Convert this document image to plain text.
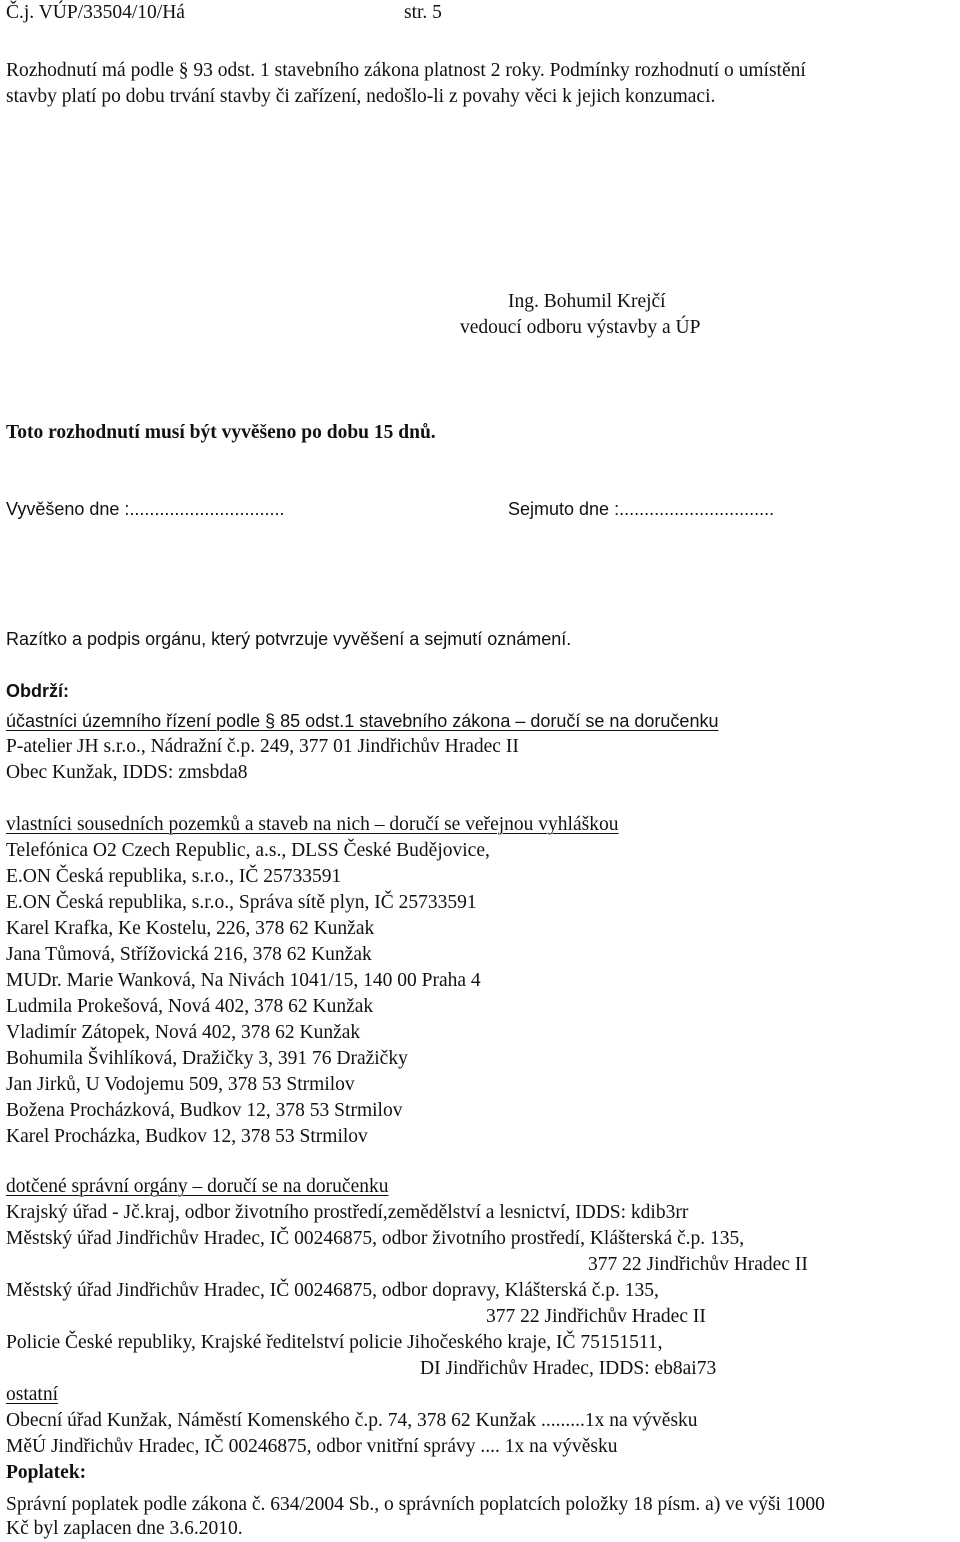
Č.j. VÚP/33504/10/Há	str. 5
Rozhodnutí má podle § 93 odst. 1 stavebního zákona platnost 2 roky. Podmínky rozhodnutí o umístění
stavby platí po dobu trvání stavby či zařízení, nedošlo-li z povahy věci k jejich konzumaci.
Ing. Bohumil Krejčí
vedoucí odboru výstavby a ÚP
Toto rozhodnutí musí být vyvěšeno po dobu 15 dnů.
Vyvěšeno dne :...............................	Sejmuto dne :...............................
Razítko a podpis orgánu, který potvrzuje vyvěšení a sejmutí oznámení.
Obdrží:
účastníci územního řízení podle § 85 odst.1 stavebního zákona – doručí se na doručenku
P-atelier JH s.r.o., Nádražní č.p. 249, 377 01 Jindřichův Hradec II
Obec Kunžak, IDDS: zmsbda8
vlastníci sousedních pozemků a staveb na nich – doručí se veřejnou vyhláškou
Telefónica O2 Czech Republic, a.s., DLSS České Budějovice,
E.ON Česká republika, s.r.o., IČ 25733591
E.ON Česká republika, s.r.o., Správa sítě plyn, IČ 25733591
Karel Krafka, Ke Kostelu, 226, 378 62 Kunžak
Jana Tůmová, Střížovická 216, 378 62 Kunžak
MUDr. Marie Wanková, Na Nivách 1041/15, 140 00 Praha 4
Ludmila Prokešová, Nová 402, 378 62 Kunžak
Vladimír Zátopek, Nová 402, 378 62 Kunžak
Bohumila Švihlíková, Dražičky 3, 391 76 Dražičky
Jan Jirků, U Vodojemu 509, 378 53 Strmilov
Božena Procházková, Budkov 12, 378 53 Strmilov
Karel Procházka, Budkov 12, 378 53 Strmilov
dotčené správní orgány – doručí se na doručenku
Krajský úřad - Jč.kraj, odbor životního prostředí,zemědělství a lesnictví, IDDS: kdib3rr
Městský úřad Jindřichův Hradec, IČ 00246875, odbor životního prostředí, Klášterská č.p. 135,
377 22 Jindřichův Hradec II
Městský úřad Jindřichův Hradec, IČ 00246875, odbor dopravy, Klášterská č.p. 135,
377 22 Jindřichův Hradec II
Policie České republiky, Krajské ředitelství policie Jihočeského kraje, IČ 75151511,
DI Jindřichův Hradec, IDDS: eb8ai73
ostatní
Obecní úřad Kunžak, Náměstí Komenského č.p. 74, 378 62 Kunžak .........1x na vývěsku
MěÚ Jindřichův Hradec, IČ 00246875, odbor vnitřní správy .... 1x na vývěsku
Poplatek:
Správní poplatek podle zákona č. 634/2004 Sb., o správních poplatcích položky 18 písm. a) ve výši 1000
Kč byl zaplacen dne 3.6.2010.
